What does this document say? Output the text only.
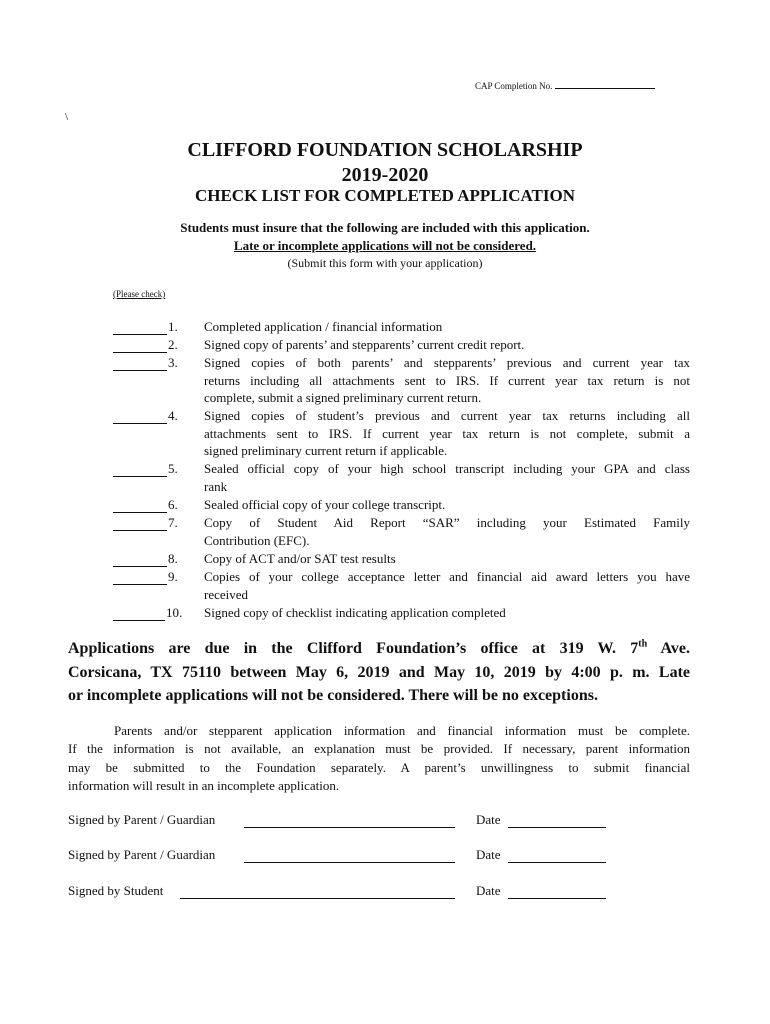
CAP Completion No.
\
CLIFFORD FOUNDATION SCHOLARSHIP
2019-2020
CHECK LIST FOR COMPLETED APPLICATION
Students must insure that the following are included with this application.
Late or incomplete applications will not be considered.
(Submit this form with your application)
(Please check)
1. Completed application / financial information
2. Signed copy of parents’ and stepparents’ current credit report.
3. Signed copies of both parents’ and stepparents’ previous and current year tax
returns including all attachments sent to IRS. If current year tax return is not
complete, submit a signed preliminary current return.
4. Signed copies of student’s previous and current year tax returns including all
attachments sent to IRS. If current year tax return is not complete, submit a
signed preliminary current return if applicable.
5. Sealed official copy of your high school transcript including your GPA and class
rank
6. Sealed official copy of your college transcript.
7. Copy of Student Aid Report “SAR” including your Estimated Family
Contribution (EFC).
8. Copy of ACT and/or SAT test results
9. Copies of your college acceptance letter and financial aid award letters you have
received
10. Signed copy of checklist indicating application completed
Applications are due in the Clifford Foundation’s office at 319 W. 7th Ave.
Corsicana, TX 75110 between May 6, 2019 and May 10, 2019 by 4:00 p. m. Late
or incomplete applications will not be considered. There will be no exceptions.
Parents and/or stepparent application information and financial information must be complete.
If the information is not available, an explanation must be provided. If necessary, parent information
may be submitted to the Foundation separately. A parent’s unwillingness to submit financial
information will result in an incomplete application.
Signed by Parent / Guardian	Date
Signed by Parent / Guardian	Date
Signed by Student	Date
